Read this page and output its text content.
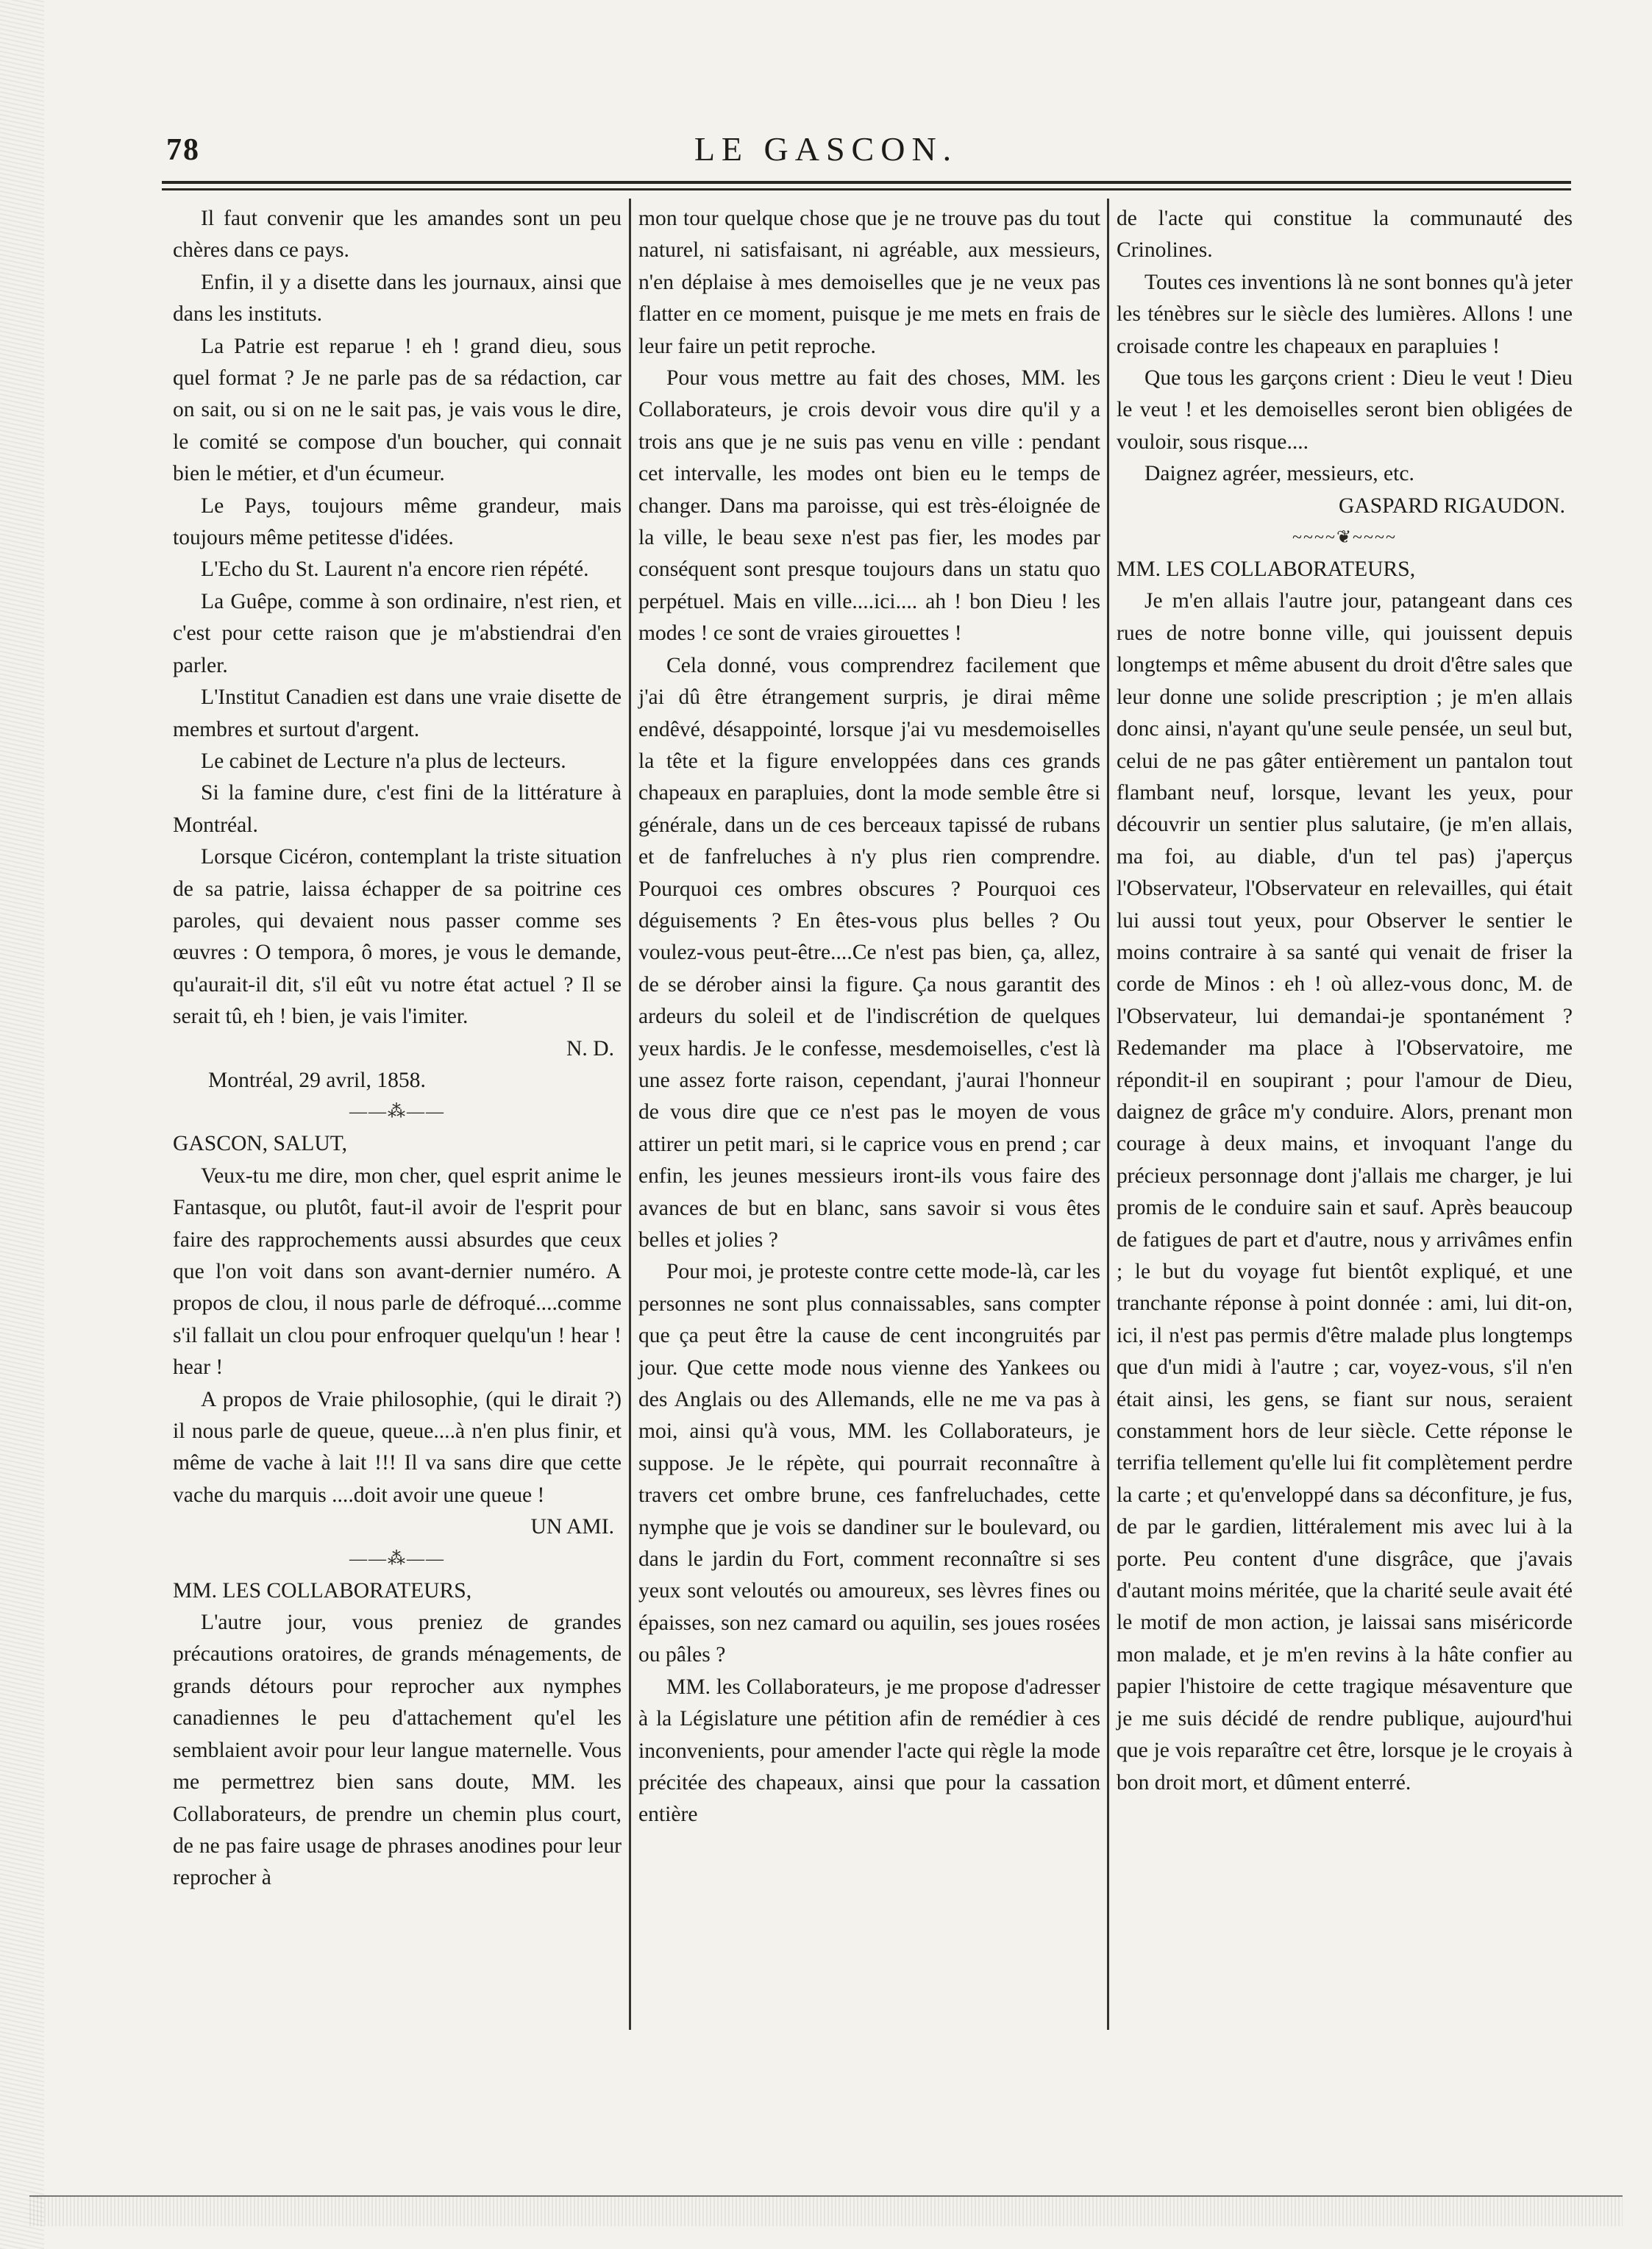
78	LE GASCON.

Il faut convenir que les amandes sont un peu chères dans ce pays.

Enfin, il y a disette dans les journaux, ainsi que dans les instituts.

La Patrie est reparue ! eh ! grand dieu, sous quel format ? Je ne parle pas de sa rédaction, car on sait, ou si on ne le sait pas, je vais vous le dire, le comité se compose d'un boucher, qui connait bien le métier, et d'un écumeur.

Le Pays, toujours même grandeur, mais toujours même petitesse d'idées.

L'Echo du St. Laurent n'a encore rien répété.

La Guêpe, comme à son ordinaire, n'est rien, et c'est pour cette raison que je m'abstiendrai d'en parler.

L'Institut Canadien est dans une vraie disette de membres et surtout d'argent.

Le cabinet de Lecture n'a plus de lecteurs.

Si la famine dure, c'est fini de la littérature à Montréal.

Lorsque Cicéron, contemplant la triste situation de sa patrie, laissa échapper de sa poitrine ces paroles, qui devaient nous passer comme ses œuvres : O tempora, ô mores, je vous le demande, qu'aurait-il dit, s'il eût vu notre état actuel ? Il se serait tû, eh ! bien, je vais l'imiter.

N. D.

Montréal, 29 avril, 1858.

——⁂——

GASCON, SALUT,

Veux-tu me dire, mon cher, quel esprit anime le Fantasque, ou plutôt, faut-il avoir de l'esprit pour faire des rapprochements aussi absurdes que ceux que l'on voit dans son avant-dernier numéro. A propos de clou, il nous parle de défroqué....comme s'il fallait un clou pour enfroquer quelqu'un ! hear ! hear !

A propos de Vraie philosophie, (qui le dirait ?) il nous parle de queue, queue....à n'en plus finir, et même de vache à lait !!! Il va sans dire que cette vache du marquis ....doit avoir une queue !

UN AMI.

——⁂——

MM. LES COLLABORATEURS,

L'autre jour, vous preniez de grandes précautions oratoires, de grands ménagements, de grands détours pour reprocher aux nymphes canadiennes le peu d'attachement qu'el les semblaient avoir pour leur langue maternelle. Vous me permettrez bien sans doute, MM. les Collaborateurs, de prendre un chemin plus court, de ne pas faire usage de phrases anodines pour leur reprocher à

mon tour quelque chose que je ne trouve pas du tout naturel, ni satisfaisant, ni agréable, aux messieurs, n'en déplaise à mes demoiselles que je ne veux pas flatter en ce moment, puisque je me mets en frais de leur faire un petit reproche.

Pour vous mettre au fait des choses, MM. les Collaborateurs, je crois devoir vous dire qu'il y a trois ans que je ne suis pas venu en ville : pendant cet intervalle, les modes ont bien eu le temps de changer. Dans ma paroisse, qui est très-éloignée de la ville, le beau sexe n'est pas fier, les modes par conséquent sont presque toujours dans un statu quo perpétuel. Mais en ville....ici.... ah ! bon Dieu ! les modes ! ce sont de vraies girouettes !

Cela donné, vous comprendrez facilement que j'ai dû être étrangement surpris, je dirai même endêvé, désappointé, lorsque j'ai vu mesdemoiselles la tête et la figure enveloppées dans ces grands chapeaux en parapluies, dont la mode semble être si générale, dans un de ces berceaux tapissé de rubans et de fanfreluches à n'y plus rien comprendre. Pourquoi ces ombres obscures ? Pourquoi ces déguisements ? En êtes-vous plus belles ? Ou voulez-vous peut-être....Ce n'est pas bien, ça, allez, de se dérober ainsi la figure. Ça nous garantit des ardeurs du soleil et de l'indiscrétion de quelques yeux hardis. Je le confesse, mesdemoiselles, c'est là une assez forte raison, cependant, j'aurai l'honneur de vous dire que ce n'est pas le moyen de vous attirer un petit mari, si le caprice vous en prend ; car enfin, les jeunes messieurs iront-ils vous faire des avances de but en blanc, sans savoir si vous êtes belles et jolies ?

Pour moi, je proteste contre cette mode-là, car les personnes ne sont plus connaissables, sans compter que ça peut être la cause de cent incongruités par jour. Que cette mode nous vienne des Yankees ou des Anglais ou des Allemands, elle ne me va pas à moi, ainsi qu'à vous, MM. les Collaborateurs, je suppose. Je le répète, qui pourrait reconnaître à travers cet ombre brune, ces fanfreluchades, cette nymphe que je vois se dandiner sur le boulevard, ou dans le jardin du Fort, comment reconnaître si ses yeux sont veloutés ou amoureux, ses lèvres fines ou épaisses, son nez camard ou aquilin, ses joues rosées ou pâles ?

MM. les Collaborateurs, je me propose d'adresser à la Législature une pétition afin de remédier à ces inconvenients, pour amender l'acte qui règle la mode précitée des chapeaux, ainsi que pour la cassation entière

de l'acte qui constitue la communauté des Crinolines.

Toutes ces inventions là ne sont bonnes qu'à jeter les ténèbres sur le siècle des lumières. Allons ! une croisade contre les chapeaux en parapluies !

Que tous les garçons crient : Dieu le veut ! Dieu le veut ! et les demoiselles seront bien obligées de vouloir, sous risque....

Daignez agréer, messieurs, etc.

GASPARD RIGAUDON.

~~~~❦~~~~

MM. LES COLLABORATEURS,

Je m'en allais l'autre jour, patangeant dans ces rues de notre bonne ville, qui jouissent depuis longtemps et même abusent du droit d'être sales que leur donne une solide prescription ; je m'en allais donc ainsi, n'ayant qu'une seule pensée, un seul but, celui de ne pas gâter entièrement un pantalon tout flambant neuf, lorsque, levant les yeux, pour découvrir un sentier plus salutaire, (je m'en allais, ma foi, au diable, d'un tel pas) j'aperçus l'Observateur, l'Observateur en relevailles, qui était lui aussi tout yeux, pour Observer le sentier le moins contraire à sa santé qui venait de friser la corde de Minos : eh ! où allez-vous donc, M. de l'Observateur, lui demandai-je spontanément ? Redemander ma place à l'Observatoire, me répondit-il en soupirant ; pour l'amour de Dieu, daignez de grâce m'y conduire. Alors, prenant mon courage à deux mains, et invoquant l'ange du précieux personnage dont j'allais me charger, je lui promis de le conduire sain et sauf. Après beaucoup de fatigues de part et d'autre, nous y arrivâmes enfin ; le but du voyage fut bientôt expliqué, et une tranchante réponse à point donnée : ami, lui dit-on, ici, il n'est pas permis d'être malade plus longtemps que d'un midi à l'autre ; car, voyez-vous, s'il n'en était ainsi, les gens, se fiant sur nous, seraient constamment hors de leur siècle. Cette réponse le terrifia tellement qu'elle lui fit complètement perdre la carte ; et qu'enveloppé dans sa déconfiture, je fus, de par le gardien, littéralement mis avec lui à la porte. Peu content d'une disgrâce, que j'avais d'autant moins méritée, que la charité seule avait été le motif de mon action, je laissai sans miséricorde mon malade, et je m'en revins à la hâte confier au papier l'histoire de cette tragique mésaventure que je me suis décidé de rendre publique, aujourd'hui que je vois reparaître cet être, lorsque je le croyais à bon droit mort, et dûment enterré.
